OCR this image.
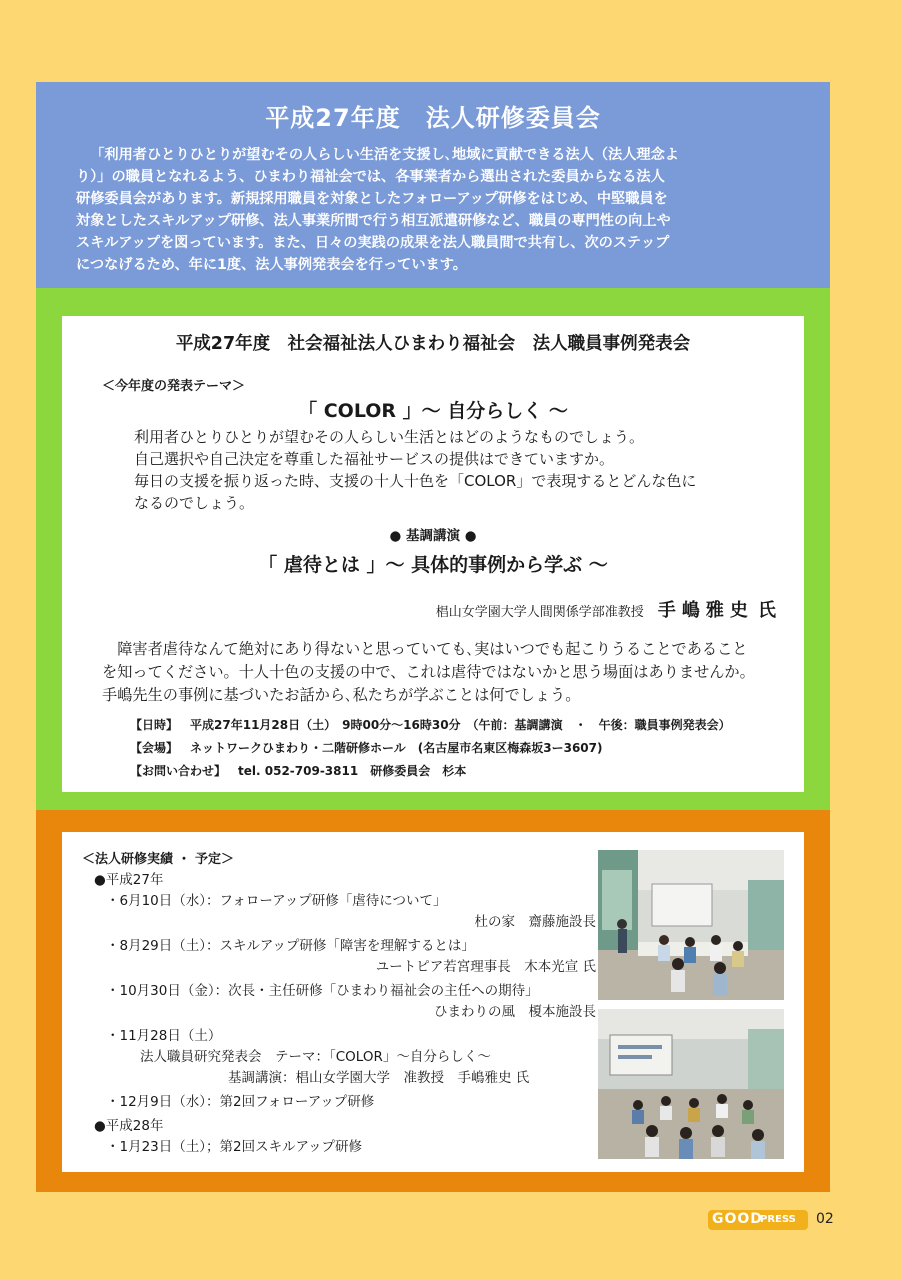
平成27年度　法人研修委員会
「利用者ひとりひとりが望むその人らしい生活を支援し､地域に貢献できる法人（法人理念よ
り）」の職員となれるよう、ひまわり福祉会では、各事業者から選出された委員からなる法人
研修委員会があります。新規採用職員を対象としたフォローアップ研修をはじめ、中堅職員を
対象としたスキルアップ研修、法人事業所間で行う相互派遣研修など、職員の専門性の向上や
スキルアップを図っています。また、日々の実践の成果を法人職員間で共有し、次のステップ
につなげるため、年に1度、法人事例発表会を行っています。
平成27年度　社会福祉法人ひまわり福祉会　法人職員事例発表会
＜今年度の発表テーマ＞
「 COLOR 」～ 自分らしく ～
利用者ひとりひとりが望むその人らしい生活とはどのようなものでしょう。
自己選択や自己決定を尊重した福祉サービスの提供はできていますか。
毎日の支援を振り返った時、支援の十人十色を「COLOR」で表現するとどんな色に
なるのでしょう。
● 基調講演 ●
「 虐待とは 」～ 具体的事例から学ぶ ～
椙山女学園大学人間関係学部准教授 手嶋雅史 氏
障害者虐待なんて絶対にあり得ないと思っていても､実はいつでも起こりうることであること
を知ってください。十人十色の支援の中で、これは虐待ではないかと思う場面はありませんか。
手嶋先生の事例に基づいたお話から､私たちが学ぶことは何でしょう。
【日時】 平成27年11月28日（土）　9時00分～16時30分　（午前：基調講演　・　午後：職員事例発表会）
【会場】 ネットワークひまわり・二階研修ホール　(名古屋市名東区梅森坂3ー3607)
【お問い合わせ】 tel. 052-709-3811　研修委員会　杉本
＜法人研修実績 ・ 予定＞
●平成27年
・6月10日（水）：フォローアップ研修「虐待について」
杜の家　齋藤施設長
・8月29日（土）：スキルアップ研修「障害を理解するとは」
ユートピア若宮理事長　木本光宣 氏
・10月30日（金）：次長・主任研修「ひまわり福祉会の主任への期待」
ひまわりの風　榎本施設長
・11月28日（土）
法人職員研究発表会　テーマ：「COLOR」～自分らしく～
基調講演：椙山女学園大学　准教授　手嶋雅史 氏
・12月9日（水）：第2回フォローアップ研修
●平成28年
・1月23日（土）；第2回スキルアップ研修
GOOD
PRESS 02
